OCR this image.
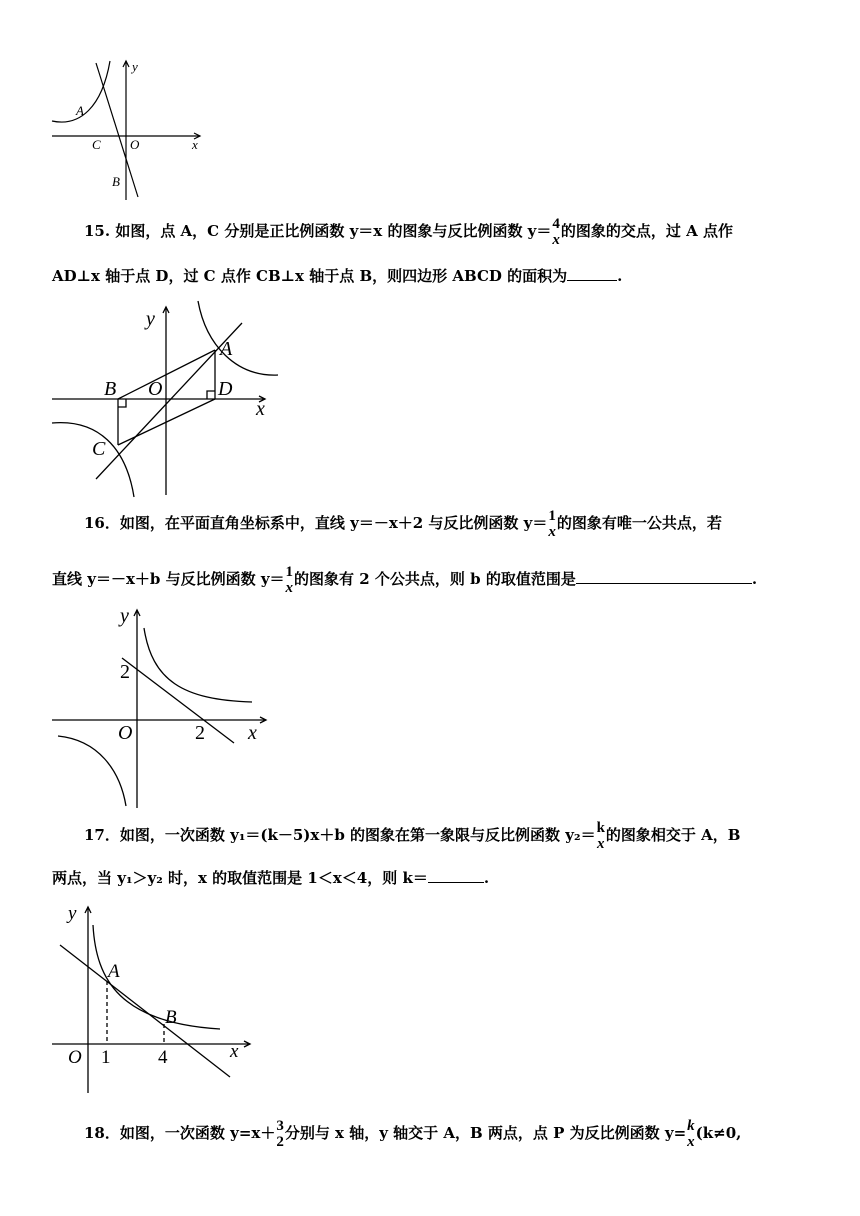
y
x
A
C O
B
15. 如图，点 A，C 分别是正比例函数 y＝x 的图象与反比例函数 y＝ 4
x 的图象的交点，过 A 点作
AD⊥x 轴于点 D，过 C 点作 CB⊥x 轴于点 B，则四边形 ABCD 的面积为	.
y
A
B O	D
x
C
16．如图，在平面直角坐标系中，直线 y＝－x＋2 与反比例函数 y＝ 1
x 的图象有唯一公共点，若
直线 y＝－x＋b 与反比例函数 y＝ 1
x 的图象有 2 个公共点，则 b 的取值范围是	.
y
2
O	2 x
17．如图，一次函数 y₁＝(k－5)x＋b 的图象在第一象限与反比例函数 y₂＝ k
x 的图象相交于 A，B
两点，当 y₁＞y₂ 时，x 的取值范围是 1＜x＜4，则 k＝	.
y
A
B
O 1	4	x
18．如图，一次函数 y=x＋ 3
2 分别与 x 轴，y 轴交于 A，B 两点，点 P 为反比例函数 y= k
x (k≠0,
